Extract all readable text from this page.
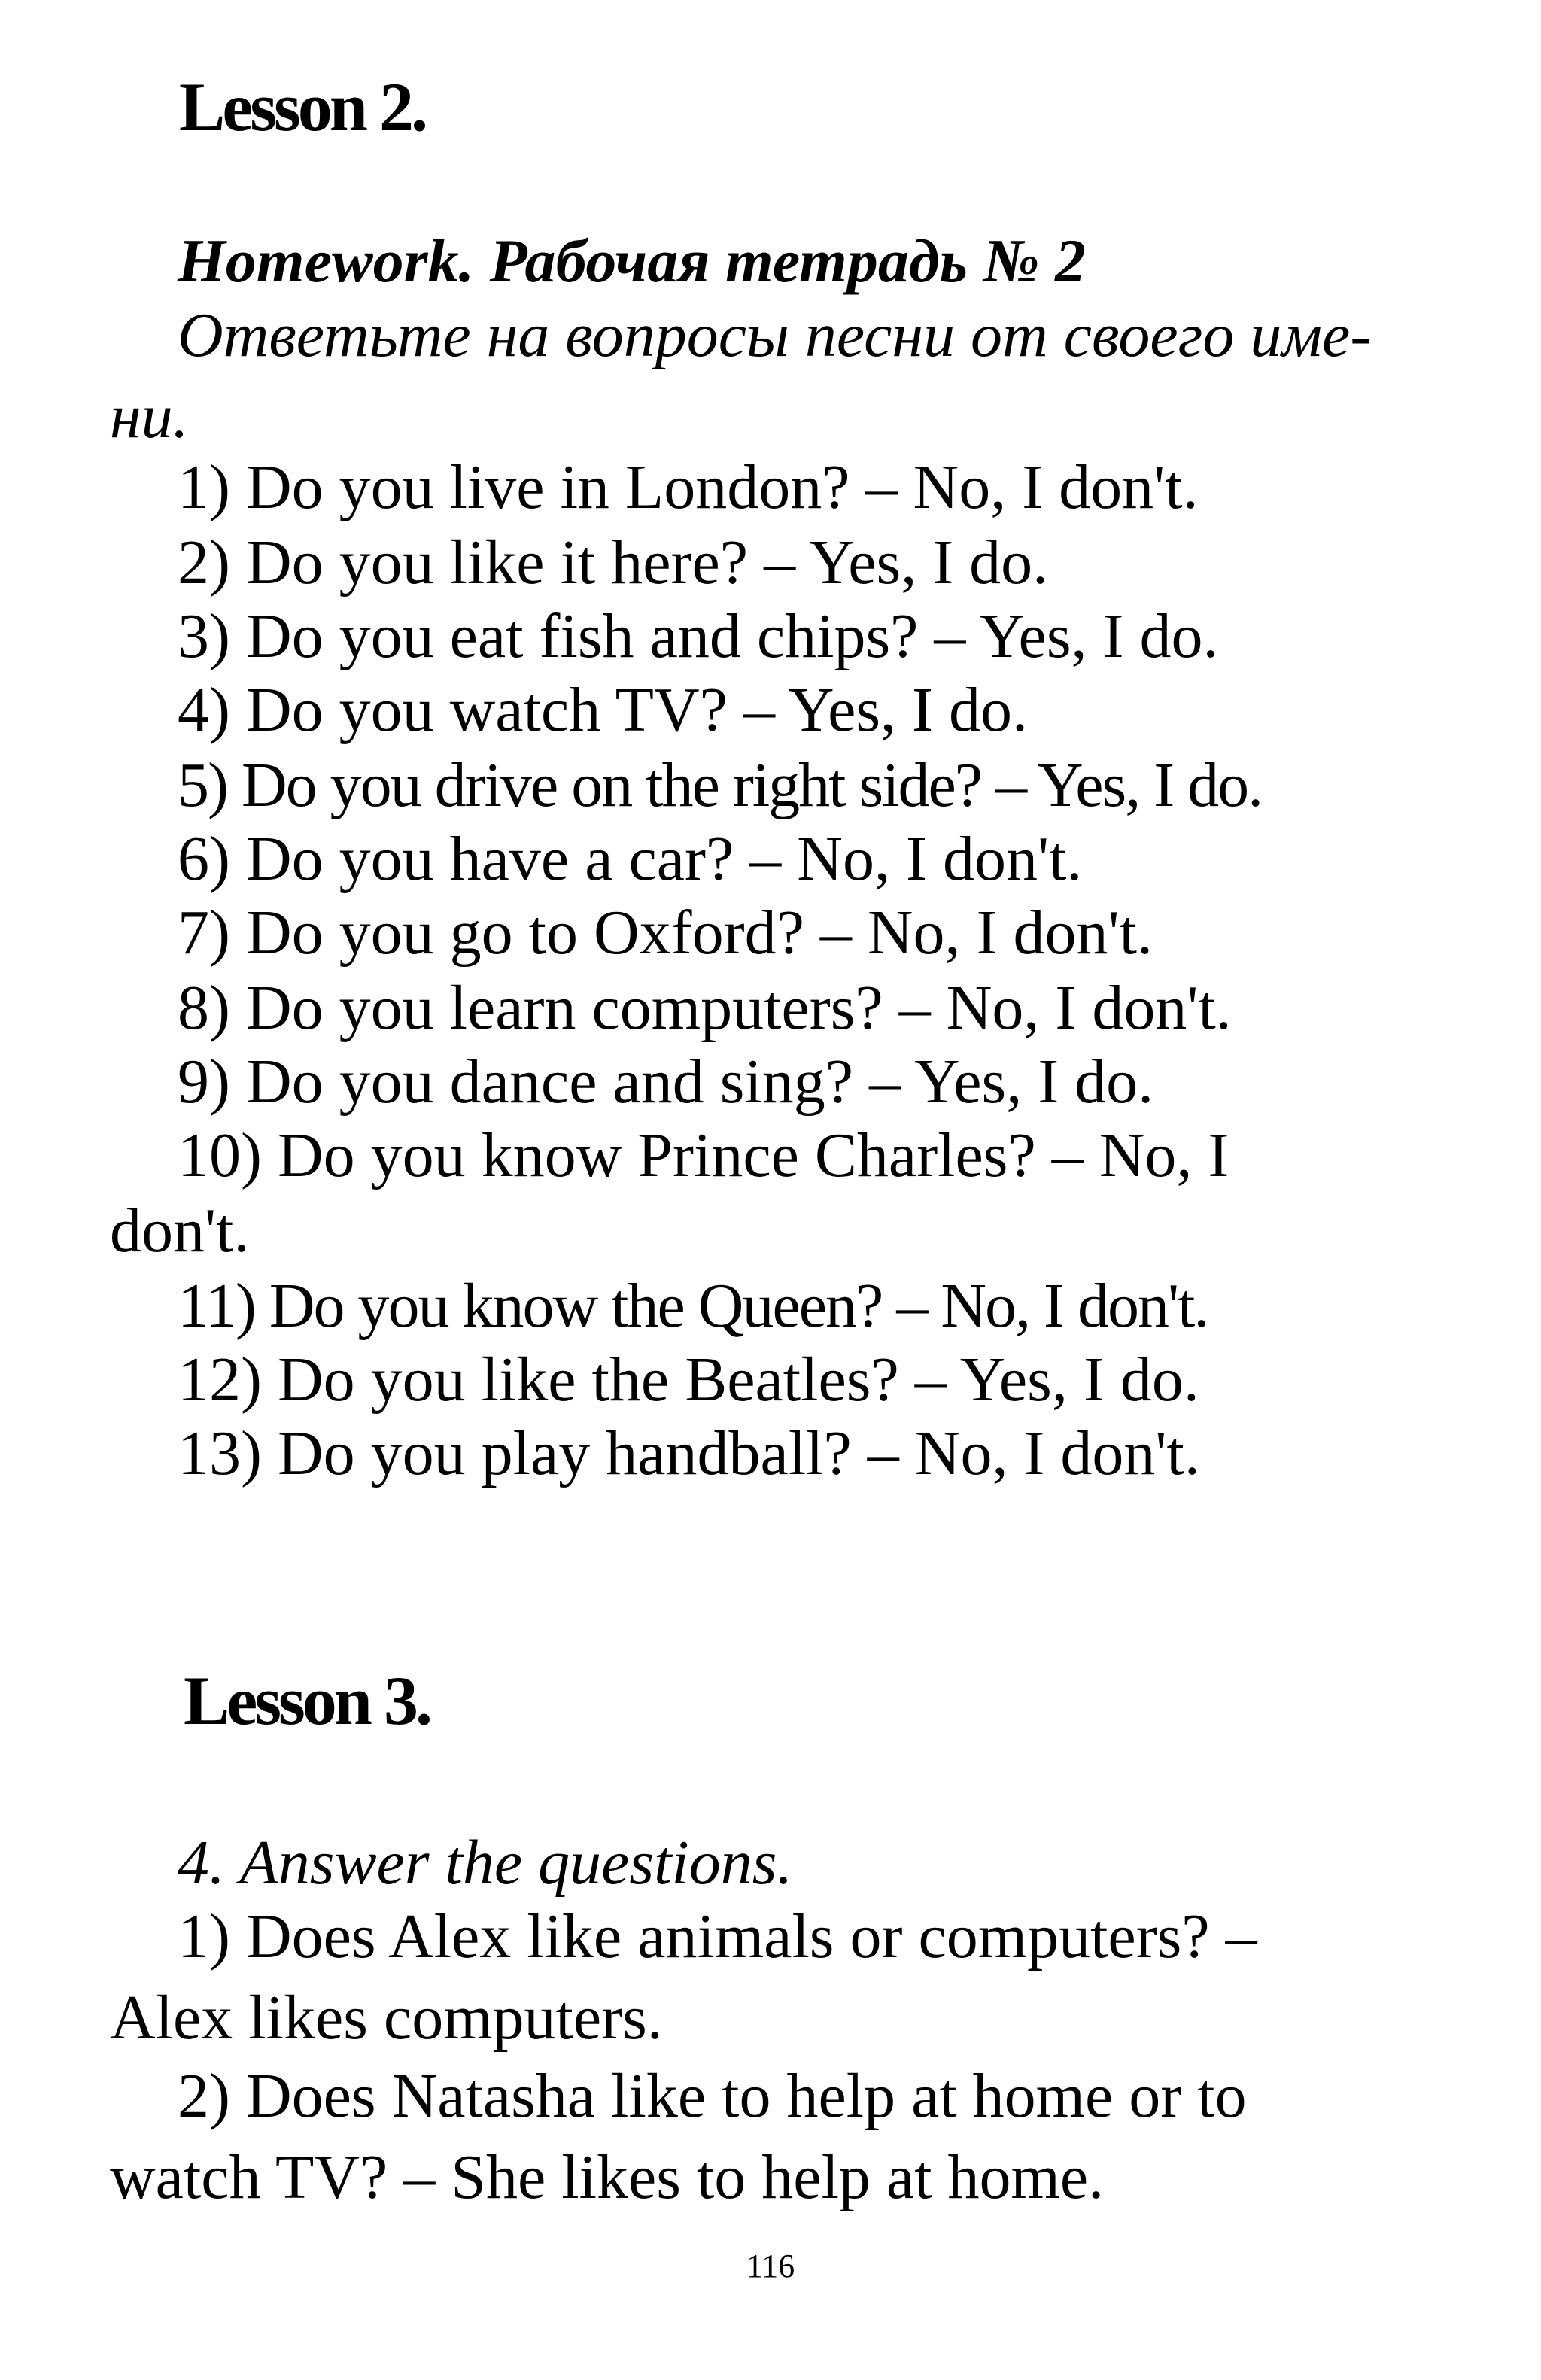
Lesson 2.

Homework. Рабочая тетрадь № 2

Ответьте на вопросы песни от своего име-

ни.

1) Do you live in London? – No, I don't.

2) Do you like it here? – Yes, I do.

3) Do you eat fish and chips? – Yes, I do.

4) Do you watch TV? – Yes, I do.

5) Do you drive on the right side? – Yes, I do.

6) Do you have a car? – No, I don't.

7) Do you go to Oxford? – No, I don't.

8) Do you learn computers? – No, I don't.

9) Do you dance and sing? – Yes, I do.

10) Do you know Prince Charles? – No, I

don't.

11) Do you know the Queen? – No, I don't.

12) Do you like the Beatles? – Yes, I do.

13) Do you play handball? – No, I don't.

Lesson 3.

4. Answer the questions.

1) Does Alex like animals or computers? –

Alex likes computers.

2) Does Natasha like to help at home or to

watch TV? – She likes to help at home.

116
